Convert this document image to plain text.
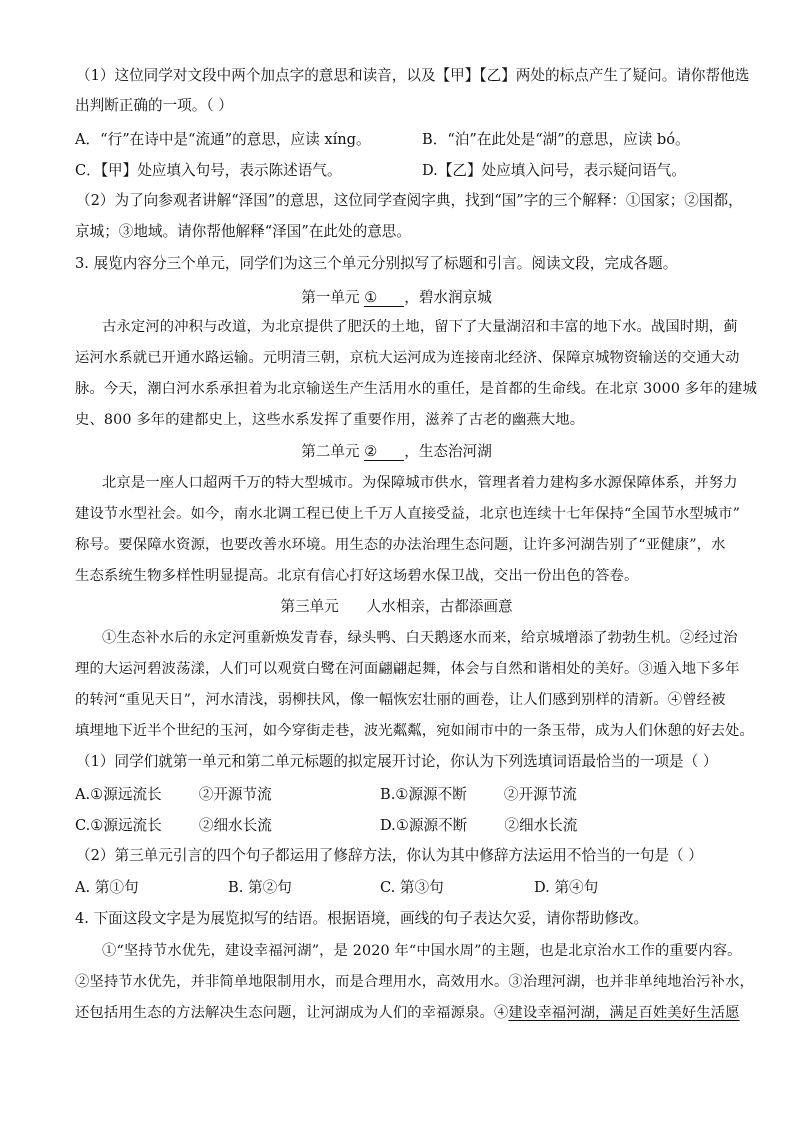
（1）这位同学对文段中两个加点字的意思和读音，以及【甲】【乙】两处的标点产生了疑问。请你帮他选
出判断正确的一项。（ ）
A．“行”在诗中是“流通”的意思，应读 xíng。	B．“泊”在此处是“湖”的意思，应读 bó。
C．【甲】处应填入句号，表示陈述语气。	D.【乙】处应填入问号，表示疑问语气。
（2）为了向参观者讲解“泽国”的意思，这位同学查阅字典，找到“国”字的三个解释：①国家；②国都，
京城；③地域。请你帮他解释“泽国”在此处的意思。
3. 展览内容分三个单元，同学们为这三个单元分别拟写了标题和引言。阅读文段，完成各题。
第一单元 ① ，碧水润京城
古永定河的冲积与改道，为北京提供了肥沃的土地，留下了大量湖沼和丰富的地下水。战国时期，蓟
运河水系就已开通水路运输。元明清三朝，京杭大运河成为连接南北经济、保障京城物资输送的交通大动
脉。今天，潮白河水系承担着为北京输送生产生活用水的重任，是首都的生命线。在北京 3000 多年的建城
史、800 多年的建都史上，这些水系发挥了重要作用，滋养了古老的幽燕大地。
第二单元 ② ，生态治河湖
北京是一座人口超两千万的特大型城市。为保障城市供水，管理者着力建构多水源保障体系，并努力
建设节水型社会。如今，南水北调工程已使上千万人直接受益，北京也连续十七年保持“全国节水型城市”
称号。要保障水资源，也要改善水环境。用生态的办法治理生态问题，让许多河湖告别了“亚健康”，水
生态系统生物多样性明显提高。北京有信心打好这场碧水保卫战，交出一份出色的答卷。
第三单元      人水相亲，古都添画意
①生态补水后的永定河重新焕发青春，绿头鸭、白天鹅逐水而来，给京城增添了勃勃生机。②经过治
理的大运河碧波荡漾，人们可以观赏白鹭在河面翩翩起舞，体会与自然和谐相处的美好。③遁入地下多年
的转河“重见天日”，河水清浅，弱柳扶风，像一幅恢宏壮丽的画卷，让人们感到别样的清新。④曾经被
填埋地下近半个世纪的玉河，如今穿街走巷，波光粼粼，宛如闹市中的一条玉带，成为人们休憩的好去处。
（1）同学们就第一单元和第二单元标题的拟定展开讨论，你认为下列选填词语最恰当的一项是（ ）
A.①源远流长        ②开源节流	B.①源源不断        ②开源节流
C.①源远流长        ②细水长流	D.①源源不断        ②细水长流
（2）第三单元引言的四个句子都运用了修辞方法，你认为其中修辞方法运用不恰当的一句是（ ）
A. 第①句	B. 第②句	C. 第③句	D. 第④句
4. 下面这段文字是为展览拟写的结语。根据语境，画线的句子表达欠妥，请你帮助修改。
①“坚持节水优先，建设幸福河湖”，是 2020 年“中国水周”的主题，也是北京治水工作的重要内容。
②坚持节水优先，并非简单地限制用水，而是合理用水，高效用水。③治理河湖，也并非单纯地治污补水，
还包括用生态的方法解决生态问题，让河湖成为人们的幸福源泉。④建设幸福河湖，满足百姓美好生活愿
